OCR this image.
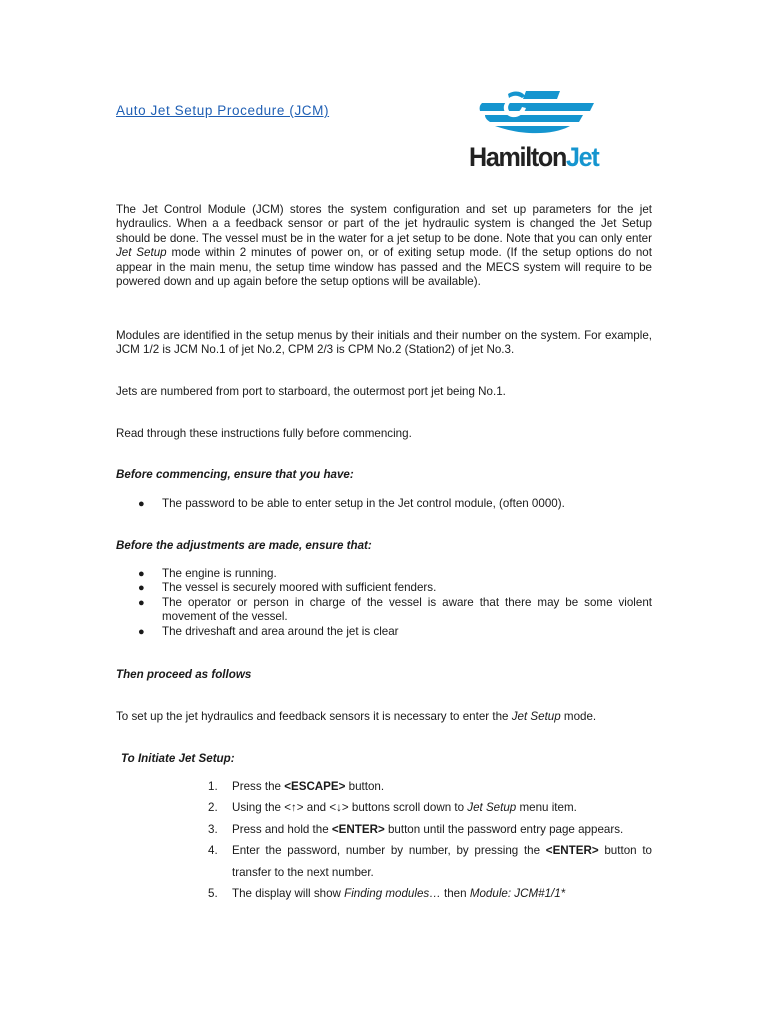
Auto Jet Setup Procedure (JCM)
HamiltonJet

The Jet Control Module (JCM) stores the system configuration and set up parameters for the jet hydraulics. When a a feedback sensor or part of the jet hydraulic system is changed the Jet Setup should be done. The vessel must be in the water for a jet setup to be done. Note that you can only enter Jet Setup mode within 2 minutes of power on, or of exiting setup mode. (If the setup options do not appear in the main menu, the setup time window has passed and the MECS system will require to be powered down and up again before the setup options will be available).

Modules are identified in the setup menus by their initials and their number on the system. For example, JCM 1/2 is JCM No.1 of jet No.2, CPM 2/3 is CPM No.2 (Station2) of jet No.3.

Jets are numbered from port to starboard, the outermost port jet being No.1.

Read through these instructions fully before commencing.

Before commencing, ensure that you have:

● The password to be able to enter setup in the Jet control module, (often 0000).

Before the adjustments are made, ensure that:

● The engine is running.
● The vessel is securely moored with sufficient fenders.
● The operator or person in charge of the vessel is aware that there may be some violent movement of the vessel.
● The driveshaft and area around the jet is clear

Then proceed as follows

To set up the jet hydraulics and feedback sensors it is necessary to enter the Jet Setup mode.

To Initiate Jet Setup:

1. Press the <ESCAPE> button.
2. Using the <↑> and <↓> buttons scroll down to Jet Setup menu item.
3. Press and hold the <ENTER> button until the password entry page appears.
4. Enter the password, number by number, by pressing the <ENTER> button to transfer to the next number.
5. The display will show Finding modules… then Module: JCM#1/1*
